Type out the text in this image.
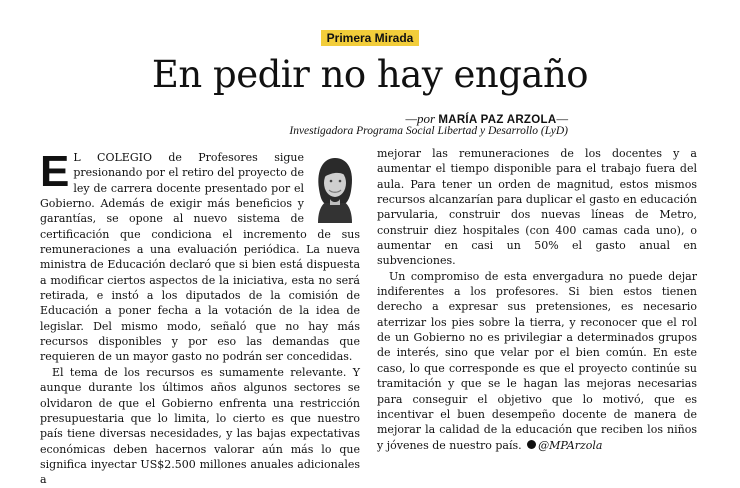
Primera Mirada
En pedir no hay engaño
—por MARÍA PAZ ARZOLA—
Investigadora Programa Social Libertad y Desarrollo (LyD)

E L COLEGIO de Profesores sigue presionando por el retiro del proyecto de ley de carrera docente presentado por el Gobierno. Además de exigir más beneficios y garantías, se opone al nuevo sistema de certificación que condiciona el incremento de sus remuneraciones a una evaluación periódica. La nueva ministra de Educación declaró que si bien está dispuesta a modificar ciertos aspectos de la iniciativa, esta no será retirada, e instó a los diputados de la comisión de Educación a poner fecha a la votación de la idea de legislar. Del mismo modo, señaló que no hay más recursos disponibles y por eso las demandas que requieren de un mayor gasto no podrán ser concedidas.

El tema de los recursos es sumamente relevante. Y aunque durante los últimos años algunos sectores se olvidaron de que el Gobierno enfrenta una restricción presupuestaria que lo limita, lo cierto es que nuestro país tiene diversas necesidades, y las bajas expectativas económicas deben hacernos valorar aún más lo que significa inyectar US$2.500 millones anuales adicionales a

mejorar las remuneraciones de los docentes y a aumentar el tiempo disponible para el trabajo fuera del aula. Para tener un orden de magnitud, estos mismos recursos alcanzarían para duplicar el gasto en educación parvularia, construir dos nuevas líneas de Metro, construir diez hospitales (con 400 camas cada uno), o aumentar en casi un 50% el gasto anual en subvenciones.

Un compromiso de esta envergadura no puede dejar indiferentes a los profesores. Si bien estos tienen derecho a expresar sus pretensiones, es necesario aterrizar los pies sobre la tierra, y reconocer que el rol de un Gobierno no es privilegiar a determinados grupos de interés, sino que velar por el bien común. En este caso, lo que corresponde es que el proyecto continúe su tramitación y que se le hagan las mejoras necesarias para conseguir el objetivo que lo motivó, que es incentivar el buen desempeño docente de manera de mejorar la calidad de la educación que reciben los niños y jóvenes de nuestro país. @MPArzola
